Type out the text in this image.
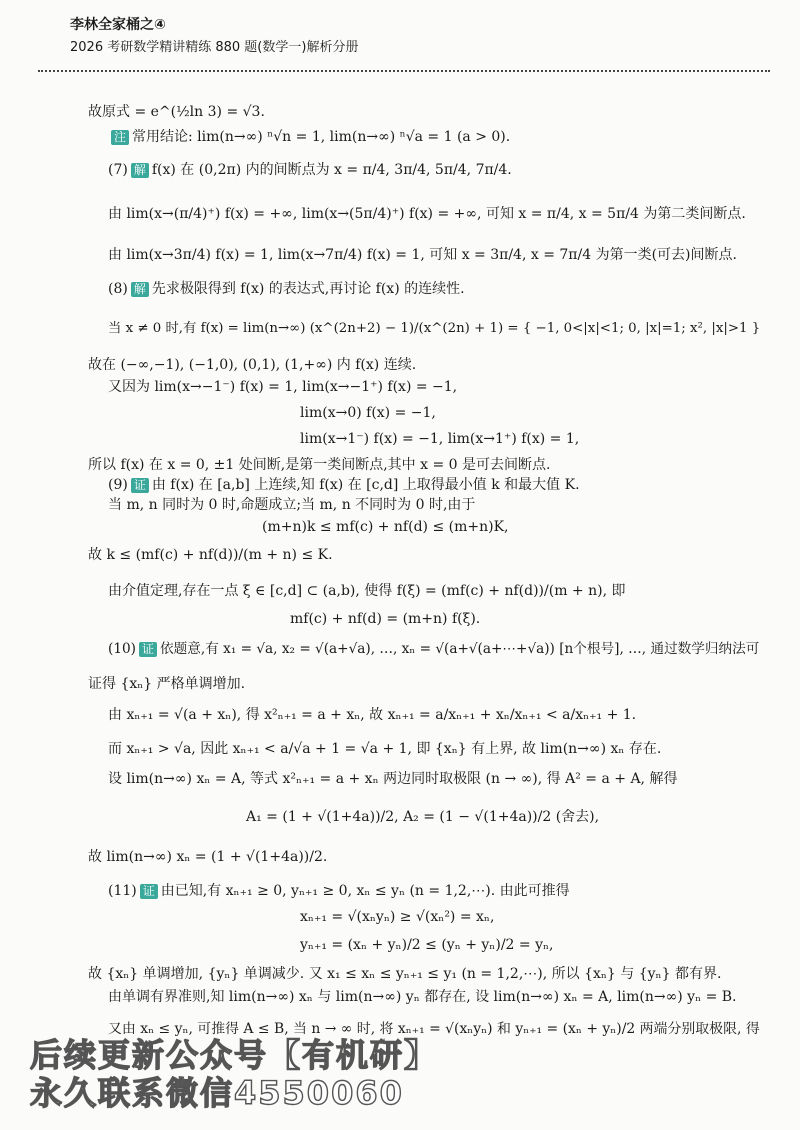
李林全家桶之④
2026 考研数学精讲精练 880 题(数学一)解析分册
故原式 = e^(½ln 3) = √3.
注 常用结论: lim(n→∞) ⁿ√n = 1, lim(n→∞) ⁿ√a = 1 (a > 0).
(7) 解 f(x) 在 (0,2π) 内的间断点为 x = π/4, 3π/4, 5π/4, 7π/4.
由 lim(x→(π/4)⁺) f(x) = +∞, lim(x→(5π/4)⁺) f(x) = +∞, 可知 x = π/4, x = 5π/4 为第二类间断点.
由 lim(x→3π/4) f(x) = 1, lim(x→7π/4) f(x) = 1, 可知 x = 3π/4, x = 7π/4 为第一类(可去)间断点.
(8) 解 先求极限得到 f(x) 的表达式,再讨论 f(x) 的连续性.
当 x ≠ 0 时,有 f(x) = lim(n→∞) (x^(2n+2) − 1)/(x^(2n) + 1) = { −1, 0<|x|<1; 0, |x|=1; x², |x|>1 }
故在 (−∞,−1), (−1,0), (0,1), (1,+∞) 内 f(x) 连续.
又因为 lim(x→−1⁻) f(x) = 1, lim(x→−1⁺) f(x) = −1,
lim(x→0) f(x) = −1,
lim(x→1⁻) f(x) = −1, lim(x→1⁺) f(x) = 1,
所以 f(x) 在 x = 0, ±1 处间断,是第一类间断点,其中 x = 0 是可去间断点.
(9) 证 由 f(x) 在 [a,b] 上连续,知 f(x) 在 [c,d] 上取得最小值 k 和最大值 K.
当 m, n 同时为 0 时,命题成立;当 m, n 不同时为 0 时,由于
(m+n)k ≤ mf(c) + nf(d) ≤ (m+n)K,
故 k ≤ (mf(c) + nf(d))/(m + n) ≤ K.
由介值定理,存在一点 ξ ∈ [c,d] ⊂ (a,b), 使得 f(ξ) = (mf(c) + nf(d))/(m + n), 即
mf(c) + nf(d) = (m+n) f(ξ).
(10) 证 依题意,有 x₁ = √a, x₂ = √(a+√a), …, xₙ = √(a+√(a+⋯+√a)) [n个根号], …, 通过数学归纳法可
证得 {xₙ} 严格单调增加.
由 xₙ₊₁ = √(a + xₙ), 得 x²ₙ₊₁ = a + xₙ, 故 xₙ₊₁ = a/xₙ₊₁ + xₙ/xₙ₊₁ < a/xₙ₊₁ + 1.
而 xₙ₊₁ > √a, 因此 xₙ₊₁ < a/√a + 1 = √a + 1, 即 {xₙ} 有上界, 故 lim(n→∞) xₙ 存在.
设 lim(n→∞) xₙ = A, 等式 x²ₙ₊₁ = a + xₙ 两边同时取极限 (n → ∞), 得 A² = a + A, 解得
A₁ = (1 + √(1+4a))/2, A₂ = (1 − √(1+4a))/2 (舍去),
故 lim(n→∞) xₙ = (1 + √(1+4a))/2.
(11) 证 由已知,有 xₙ₊₁ ≥ 0, yₙ₊₁ ≥ 0, xₙ ≤ yₙ (n = 1,2,⋯). 由此可推得
xₙ₊₁ = √(xₙyₙ) ≥ √(xₙ²) = xₙ,
yₙ₊₁ = (xₙ + yₙ)/2 ≤ (yₙ + yₙ)/2 = yₙ,
故 {xₙ} 单调增加, {yₙ} 单调减少. 又 x₁ ≤ xₙ ≤ yₙ₊₁ ≤ y₁ (n = 1,2,⋯), 所以 {xₙ} 与 {yₙ} 都有界.
由单调有界准则,知 lim(n→∞) xₙ 与 lim(n→∞) yₙ 都存在, 设 lim(n→∞) xₙ = A, lim(n→∞) yₙ = B.
又由 xₙ ≤ yₙ, 可推得 A ≤ B, 当 n → ∞ 时, 将 xₙ₊₁ = √(xₙyₙ) 和 yₙ₊₁ = (xₙ + yₙ)/2 两端分别取极限, 得
后续更新公众号【有机研】
永久联系微信4550060
